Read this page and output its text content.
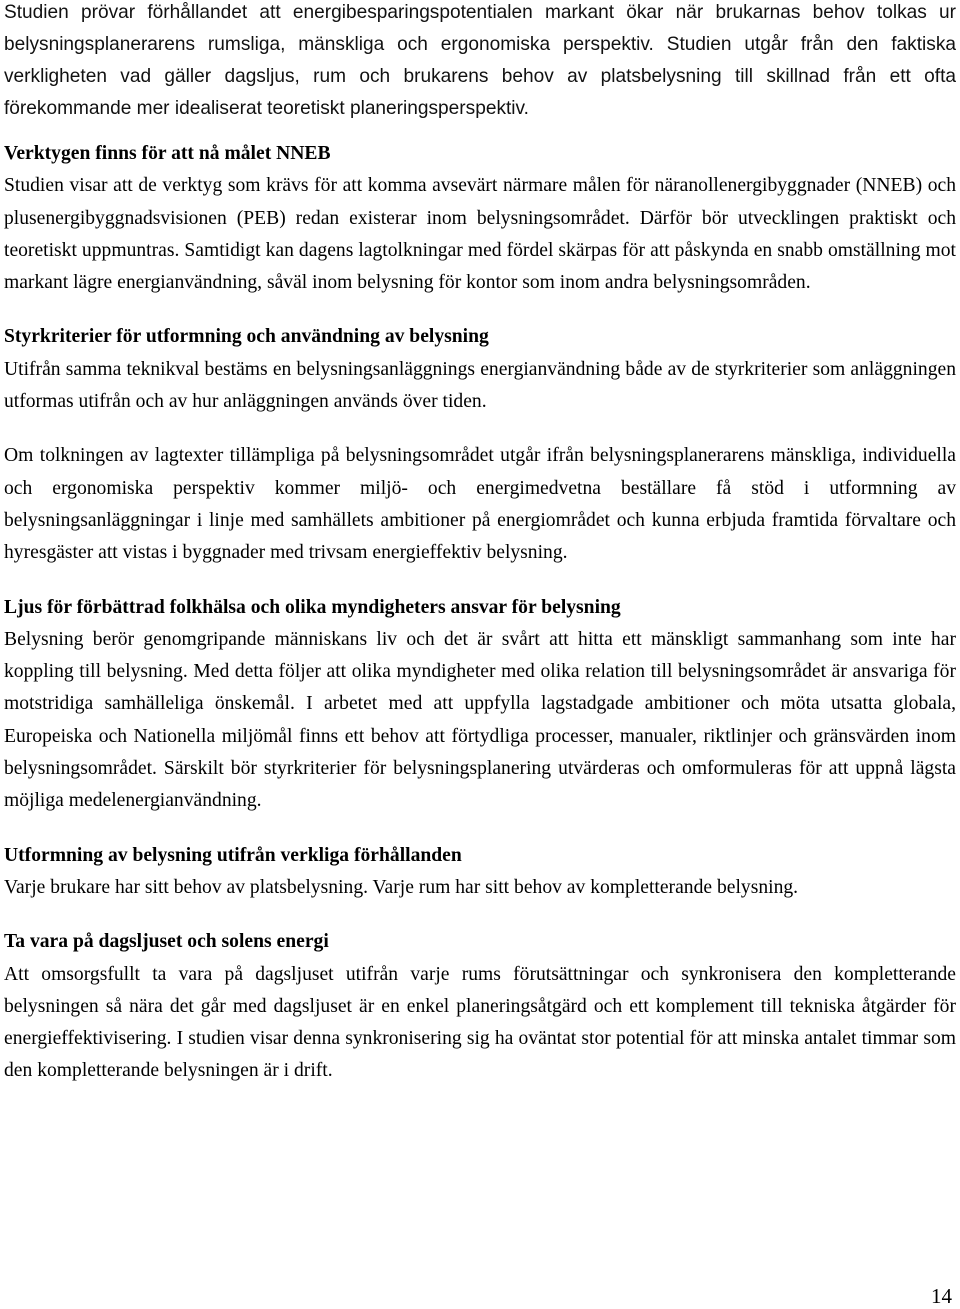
Studien prövar förhållandet att energibesparingspotentialen markant ökar när brukarnas behov tolkas ur belysningsplanerarens rumsliga, mänskliga och ergonomiska perspektiv. Studien utgår från den faktiska verkligheten vad gäller dagsljus, rum och brukarens behov av platsbelysning till skillnad från ett ofta förekommande mer idealiserat teoretiskt planeringsperspektiv.

Verktygen finns för att nå målet NNEB

Studien visar att de verktyg som krävs för att komma avsevärt närmare målen för näranollenergibyggnader (NNEB) och plusenergibyggnadsvisionen (PEB) redan existerar inom belysningsområdet. Därför bör utvecklingen praktiskt och teoretiskt uppmuntras. Samtidigt kan dagens lagtolkningar med fördel skärpas för att påskynda en snabb omställning mot markant lägre energianvändning, såväl inom belysning för kontor som inom andra belysningsområden.

Styrkriterier för utformning och användning av belysning

Utifrån samma teknikval bestäms en belysningsanläggnings energianvändning både av de styrkriterier som anläggningen utformas utifrån och av hur anläggningen används över tiden.

Om tolkningen av lagtexter tillämpliga på belysningsområdet utgår ifrån belysningsplanerarens mänskliga, individuella och ergonomiska perspektiv kommer miljö- och energimedvetna beställare få stöd i utformning av belysningsanläggningar i linje med samhällets ambitioner på energiområdet och kunna erbjuda framtida förvaltare och hyresgäster att vistas i byggnader med trivsam energieffektiv belysning.

Ljus för förbättrad folkhälsa och olika myndigheters ansvar för belysning

Belysning berör genomgripande människans liv och det är svårt att hitta ett mänskligt sammanhang som inte har koppling till belysning. Med detta följer att olika myndigheter med olika relation till belysningsområdet är ansvariga för motstridiga samhälleliga önskemål. I arbetet med att uppfylla lagstadgade ambitioner och möta utsatta globala, Europeiska och Nationella miljömål finns ett behov att förtydliga processer, manualer, riktlinjer och gränsvärden inom belysningsområdet. Särskilt bör styrkriterier för belysningsplanering utvärderas och omformuleras för att uppnå lägsta möjliga medelenergianvändning.

Utformning av belysning utifrån verkliga förhållanden

Varje brukare har sitt behov av platsbelysning. Varje rum har sitt behov av kompletterande belysning.

Ta vara på dagsljuset och solens energi

Att omsorgsfullt ta vara på dagsljuset utifrån varje rums förutsättningar och synkronisera den kompletterande belysningen så nära det går med dagsljuset är en enkel planeringsåtgärd och ett komplement till tekniska åtgärder för energieffektivisering. I studien visar denna synkronisering sig ha oväntat stor potential för att minska antalet timmar som den kompletterande belysningen är i drift.

14
